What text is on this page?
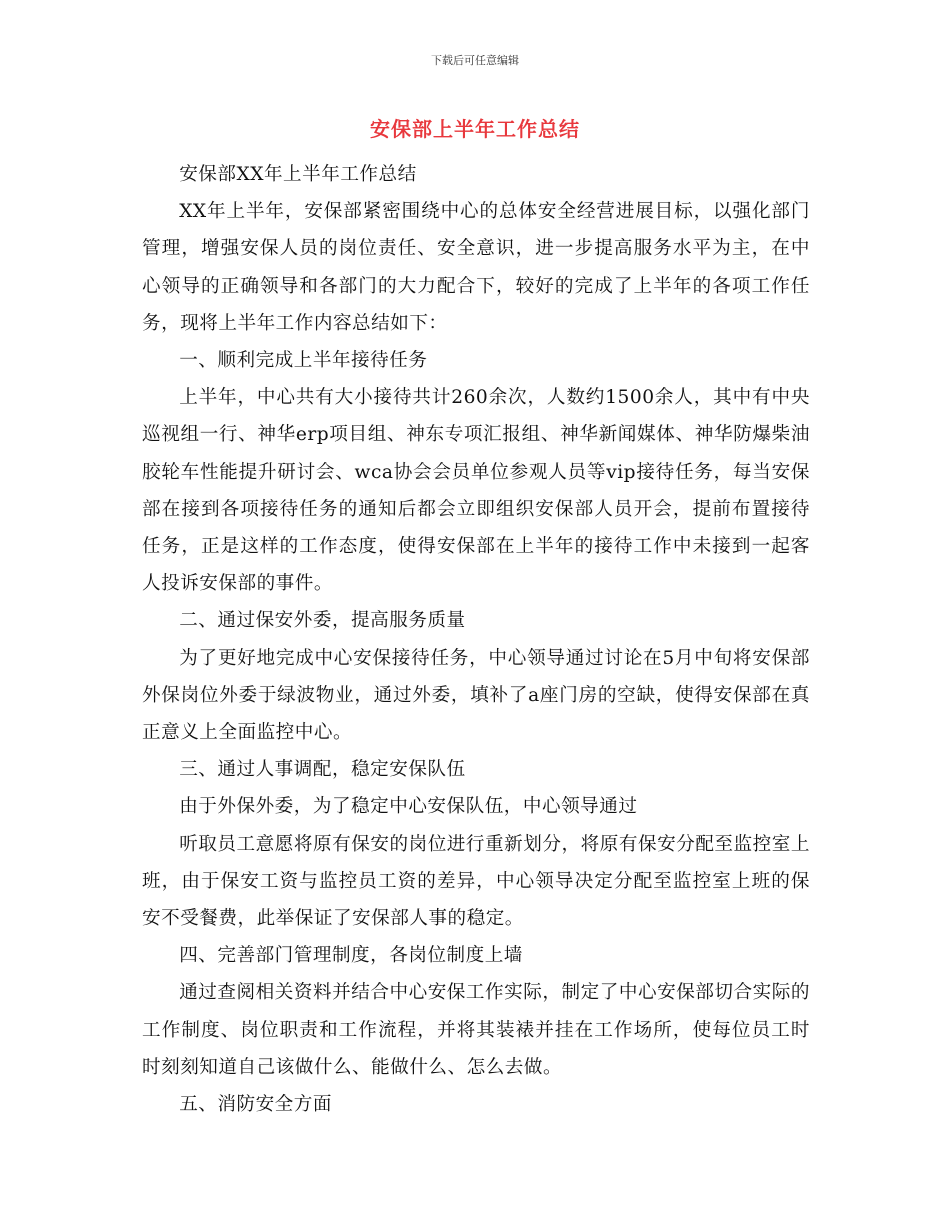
下载后可任意编辑
安保部上半年工作总结

安保部XX年上半年工作总结

XX年上半年，安保部紧密围绕中心的总体安全经营进展目标，以强化部门管理，增强安保人员的岗位责任、安全意识，进一步提高服务水平为主，在中心领导的正确领导和各部门的大力配合下，较好的完成了上半年的各项工作任务，现将上半年工作内容总结如下：

一、顺利完成上半年接待任务

上半年，中心共有大小接待共计260余次，人数约1500余人，其中有中央巡视组一行、神华erp项目组、神东专项汇报组、神华新闻媒体、神华防爆柴油胶轮车性能提升研讨会、wca协会会员单位参观人员等vip接待任务，每当安保部在接到各项接待任务的通知后都会立即组织安保部人员开会，提前布置接待任务，正是这样的工作态度，使得安保部在上半年的接待工作中未接到一起客人投诉安保部的事件。

二、通过保安外委，提高服务质量

为了更好地完成中心安保接待任务，中心领导通过讨论在5月中旬将安保部外保岗位外委于绿波物业，通过外委，填补了a座门房的空缺，使得安保部在真正意义上全面监控中心。

三、通过人事调配，稳定安保队伍

由于外保外委，为了稳定中心安保队伍，中心领导通过

听取员工意愿将原有保安的岗位进行重新划分，将原有保安分配至监控室上班，由于保安工资与监控员工资的差异，中心领导决定分配至监控室上班的保安不受餐费，此举保证了安保部人事的稳定。

四、完善部门管理制度，各岗位制度上墙

通过查阅相关资料并结合中心安保工作实际，制定了中心安保部切合实际的工作制度、岗位职责和工作流程，并将其装裱并挂在工作场所，使每位员工时时刻刻知道自己该做什么、能做什么、怎么去做。

五、消防安全方面
